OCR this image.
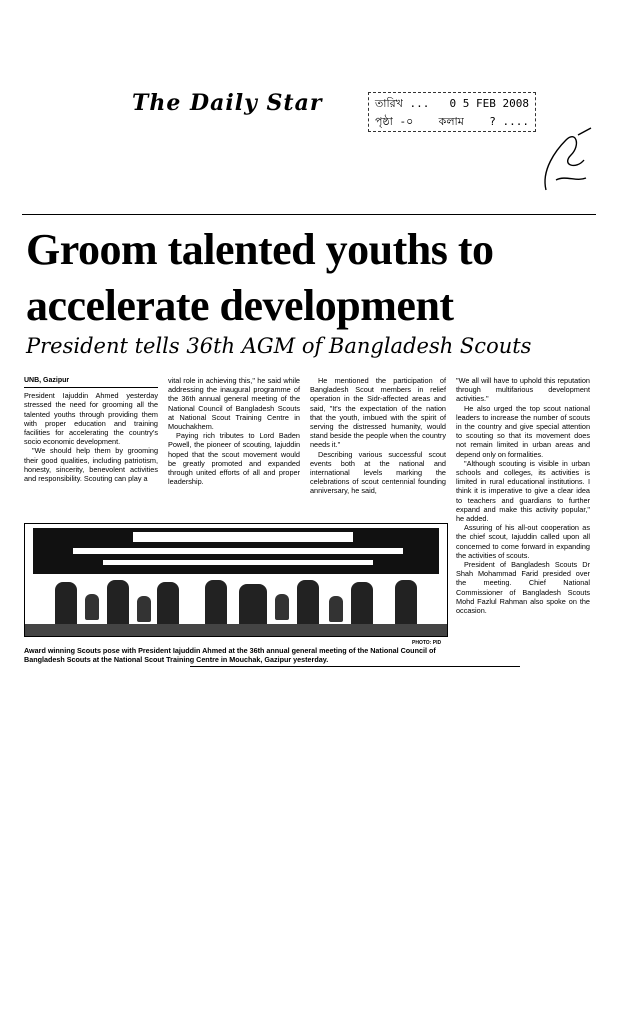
The Daily Star	তারিখ ... 0 5 FEB 2008
পৃষ্ঠা -০ কলাম ? ....
Groom talented youths to accelerate development
President tells 36th AGM of Bangladesh Scouts
UNB, Gazipur

President Iajuddin Ahmed yesterday stressed the need for grooming all the talented youths through providing them with proper education and training facilities for accelerating the country's socio economic development.

"We should help them by grooming their good qualities, including patriotism, honesty, sincerity, benevolent activities and responsibility. Scouting can play a

vital role in achieving this," he said while addressing the inaugural programme of the 36th annual general meeting of the National Council of Bangladesh Scouts at National Scout Training Centre in Mouchakhem.

Paying rich tributes to Lord Baden Powell, the pioneer of scouting, Iajuddin hoped that the scout movement would be greatly promoted and expanded through united efforts of all and proper leadership.

He mentioned the participation of Bangladesh Scout members in relief operation in the Sidr-affected areas and said, "It's the expectation of the nation that the youth, imbued with the spirit of serving the distressed humanity, would stand beside the people when the country needs it."

Describing various successful scout events both at the national and international levels marking the celebrations of scout centennial founding anniversary, he said,

"We all will have to uphold this reputation through multifarious development activities."

He also urged the top scout national leaders to increase the number of scouts in the country and give special attention to scouting so that its movement does not remain limited in urban areas and depend only on formalities.

"Although scouting is visible in urban schools and colleges, its activities is limited in rural educational institutions. I think it is imperative to give a clear idea to teachers and guardians to further expand and make this activity popular," he added.

Assuring of his all-out cooperation as the chief scout, Iajuddin called upon all concerned to come forward in expanding the activities of scouts.

President of Bangladesh Scouts Dr Shah Mohammad Farid presided over the meeting. Chief National Commissioner of Bangladesh Scouts Mohd Fazlul Rahman also spoke on the occasion.

PHOTO: PID
Award winning Scouts pose with President Iajuddin Ahmed at the 36th annual general meeting of the National Council of Bangladesh Scouts at the National Scout Training Centre in Mouchak, Gazipur yesterday.
